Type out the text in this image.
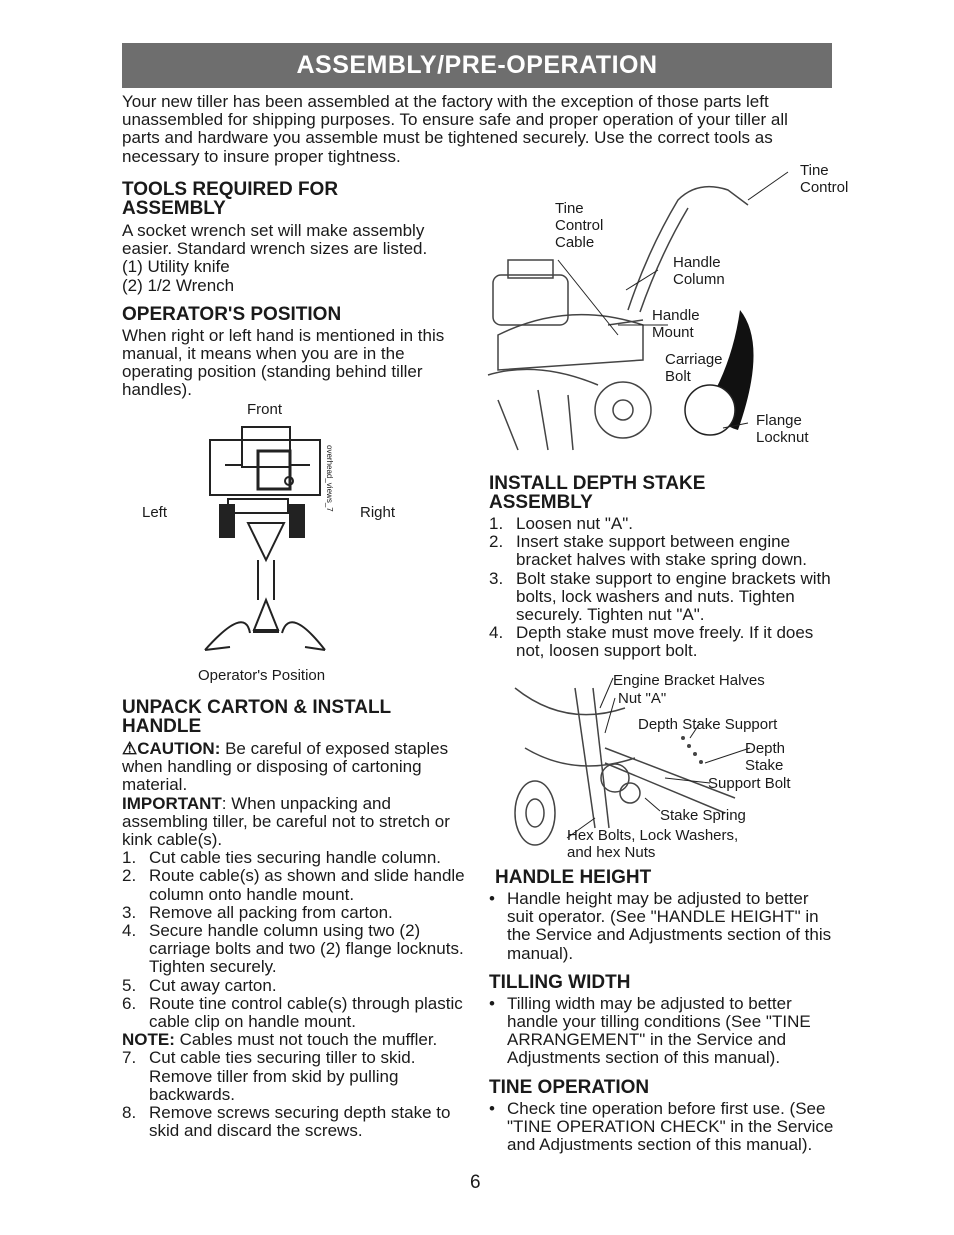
ASSEMBLY/PRE-OPERATION

Your new tiller has been assembled at the factory with the exception of those parts left unassembled for shipping purposes. To ensure safe and proper operation of your tiller all parts and hardware you assemble must be tightened securely. Use the correct tools as necessary to insure proper tightness.

TOOLS REQUIRED FOR ASSEMBLY

A socket wrench set will make assembly easier. Standard wrench sizes are listed.

(1) Utility knife
(2) 1/2 Wrench
OPERATOR'S POSITION

When right or left hand is mentioned in this manual, it means when you are in the operating position (standing behind tiller handles).

Front
Left	Right
overhead_views_7
Operator's Position
UNPACK CARTON & INSTALL HANDLE

⚠CAUTION: Be careful of exposed staples when handling or disposing of cartoning material.

IMPORTANT: When unpacking and assembling tiller, be careful not to stretch or kink cable(s).

1. Cut cable ties securing handle column.
2. Route cable(s) as shown and slide handle column onto handle mount.
3. Remove all packing from carton.
4. Secure handle column using two (2) carriage bolts and two (2) flange locknuts. Tighten securely.
5. Cut away carton.
6. Route tine control cable(s) through plastic cable clip on handle mount.

NOTE: Cables must not touch the muffler.

7. Cut cable ties securing tiller to skid. Remove tiller from skid by pulling backwards.
8. Remove screws securing depth stake to skid and discard the screws.
Tine Control
Tine Control Cable
Handle Column
Handle Mount
Carriage Bolt
Flange Locknut
INSTALL DEPTH STAKE ASSEMBLY
1. Loosen nut "A".
2. Insert stake support between engine bracket halves with stake spring down.
3. Bolt stake support to engine brackets with bolts, lock washers and nuts. Tighten securely. Tighten nut "A".
4. Depth stake must move freely. If it does not, loosen support bolt.
Engine Bracket Halves
Nut "A"
Depth Stake Support
Depth Stake
Support Bolt
Stake Spring
Hex Bolts, Lock Washers, and hex Nuts
HANDLE HEIGHT
• Handle height may be adjusted to better suit operator. (See "HANDLE HEIGHT" in the Service and Adjustments section of this manual).
TILLING WIDTH
• Tilling width may be adjusted to better handle your tilling conditions (See "TINE ARRANGEMENT" in the Service and Adjustments section of this manual).
TINE OPERATION
• Check tine operation before first use. (See "TINE OPERATION CHECK" in the Service and Adjustments section of this manual).
6
